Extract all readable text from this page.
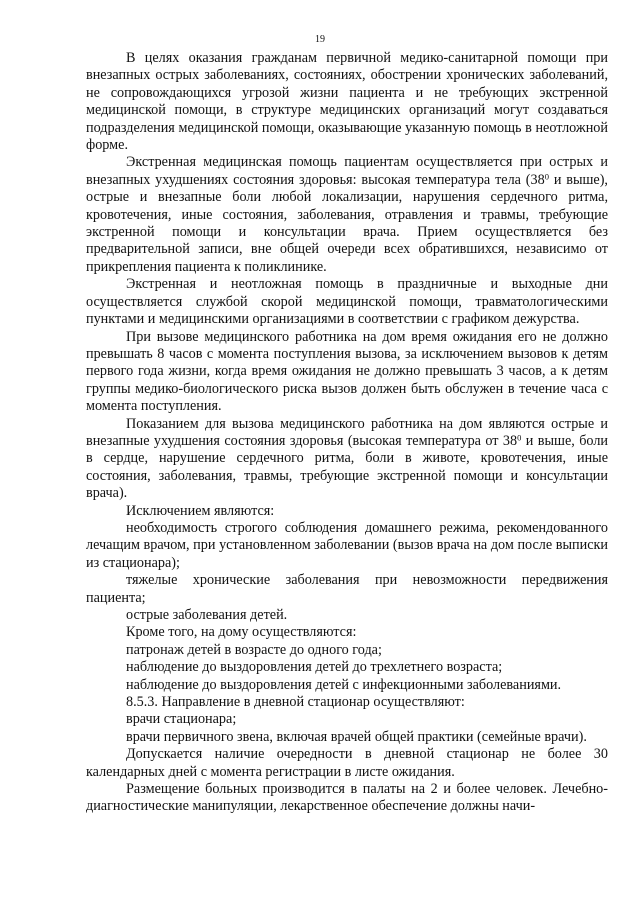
19

В целях оказания гражданам первичной медико-санитарной помощи при внезапных острых заболеваниях, состояниях, обострении хронических заболеваний, не сопровождающихся угрозой жизни пациента и не требующих экстренной медицинской помощи, в структуре медицинских организаций могут создаваться подразделения медицинской помощи, оказывающие указанную помощь в неотложной форме.

Экстренная медицинская помощь пациентам осуществляется при острых и внезапных ухудшениях состояния здоровья: высокая температура тела ($38^0$ и выше), острые и внезапные боли любой локализации, нарушения сердечного ритма, кровотечения, иные состояния, заболевания, отравления и травмы, требующие экстренной помощи и консультации врача. Прием осуществляется без предварительной записи, вне общей очереди всех обратившихся, независимо от прикрепления пациента к поликлинике.

Экстренная и неотложная помощь в праздничные и выходные дни осуществляется службой скорой медицинской помощи, травматологическими пунктами и медицинскими организациями в соответствии с графиком дежурства.

При вызове медицинского работника на дом время ожидания его не должно превышать 8 часов с момента поступления вызова, за исключением вызовов к детям первого года жизни, когда время ожидания не должно превышать 3 часов, а к детям группы медико-биологического риска вызов должен быть обслужен в течение часа с момента поступления.

Показанием для вызова медицинского работника на дом являются острые и внезапные ухудшения состояния здоровья (высокая температура от $38^0$ и выше, боли в сердце, нарушение сердечного ритма, боли в животе, кровотечения, иные состояния, заболевания, травмы, требующие экстренной помощи и консультации врача).

Исключением являются:

необходимость строгого соблюдения домашнего режима, рекомендованного лечащим врачом, при установленном заболевании (вызов врача на дом после выписки из стационара);

тяжелые хронические заболевания при невозможности передвижения пациента;

острые заболевания детей.

Кроме того, на дому осуществляются:

патронаж детей в возрасте до одного года;

наблюдение до выздоровления детей до трехлетнего возраста;

наблюдение до выздоровления детей с инфекционными заболеваниями.

8.5.3. Направление в дневной стационар осуществляют:

врачи стационара;

врачи первичного звена, включая врачей общей практики (семейные врачи).

Допускается наличие очередности в дневной стационар не более 30 календарных дней с момента регистрации в листе ожидания.

Размещение больных производится в палаты на 2 и более человек. Лечебно-диагностические манипуляции, лекарственное обеспечение должны начи-
